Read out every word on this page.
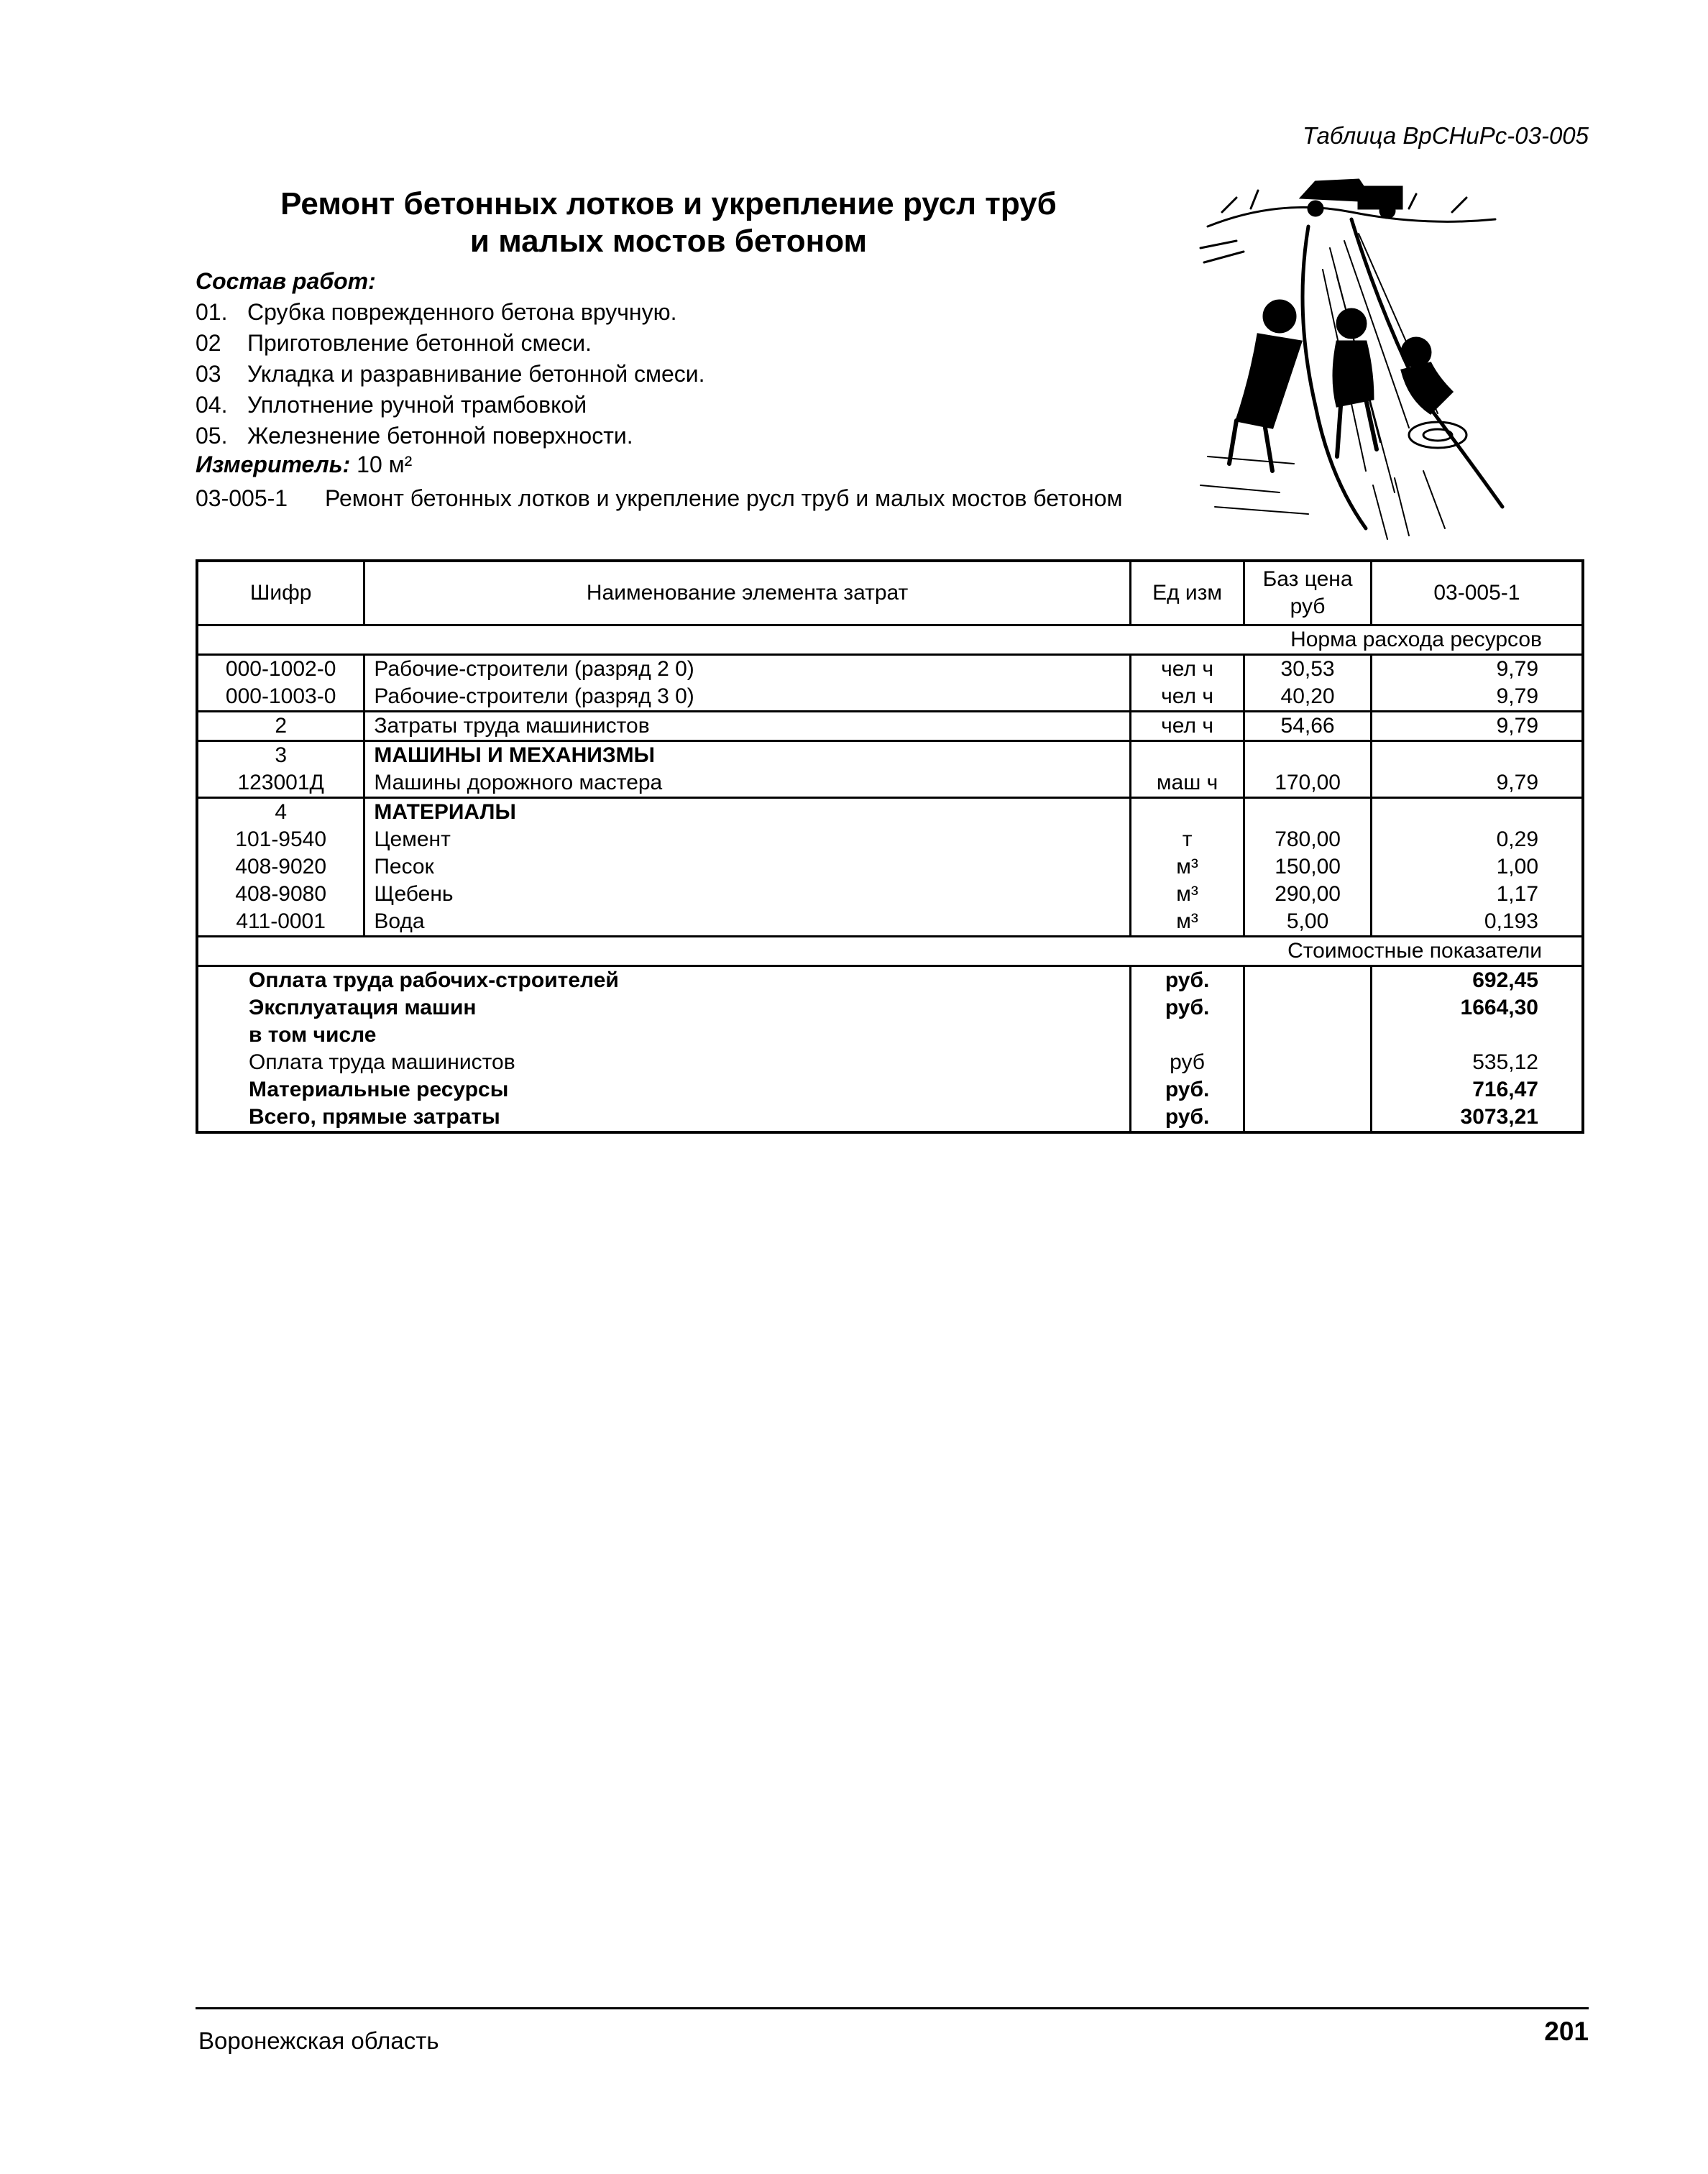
Таблица ВрСНиРс-03-005
Ремонт бетонных лотков и укрепление русл труб
и малых мостов бетоном
Состав работ:
01. Срубка поврежденного бетона вручную.
02	Приготовление бетонной смеси.
03	Укладка и разравнивание бетонной смеси.
04. Уплотнение ручной трамбовкой
05. Железнение бетонной поверхности.
Измеритель: 10 м²
03-005-1 Ремонт бетонных лотков и укрепление русл труб и малых мостов бетоном
Шифр	Наименование элемента затрат	Ед изм	Баз цена руб	03-005-1
Норма расхода ресурсов				
000-1002-0	Рабочие-строители (разряд 2 0)	чел ч	30,53	9,79
000-1003-0	Рабочие-строители (разряд 3 0)	чел ч	40,20	9,79
2	Затраты труда машинистов	чел ч	54,66	9,79
3	МАШИНЫ И МЕХАНИЗМЫ			
123001Д	Машины дорожного мастера	маш ч	170,00	9,79
4	МАТЕРИАЛЫ			
101-9540	Цемент	т	780,00	0,29
408-9020	Песок	м³	150,00	1,00
408-9080	Щебень	м³	290,00	1,17
411-0001	Вода	м³	5,00	0,193
Стоимостные показатели				
Оплата труда рабочих-строителей		руб.		692,45
Эксплуатация машин		руб.		1664,30
в том числе				
Оплата труда машинистов		руб		535,12
Материальные ресурсы		руб.		716,47
Всего, прямые затраты		руб.		3073,21
Воронежская область	201
